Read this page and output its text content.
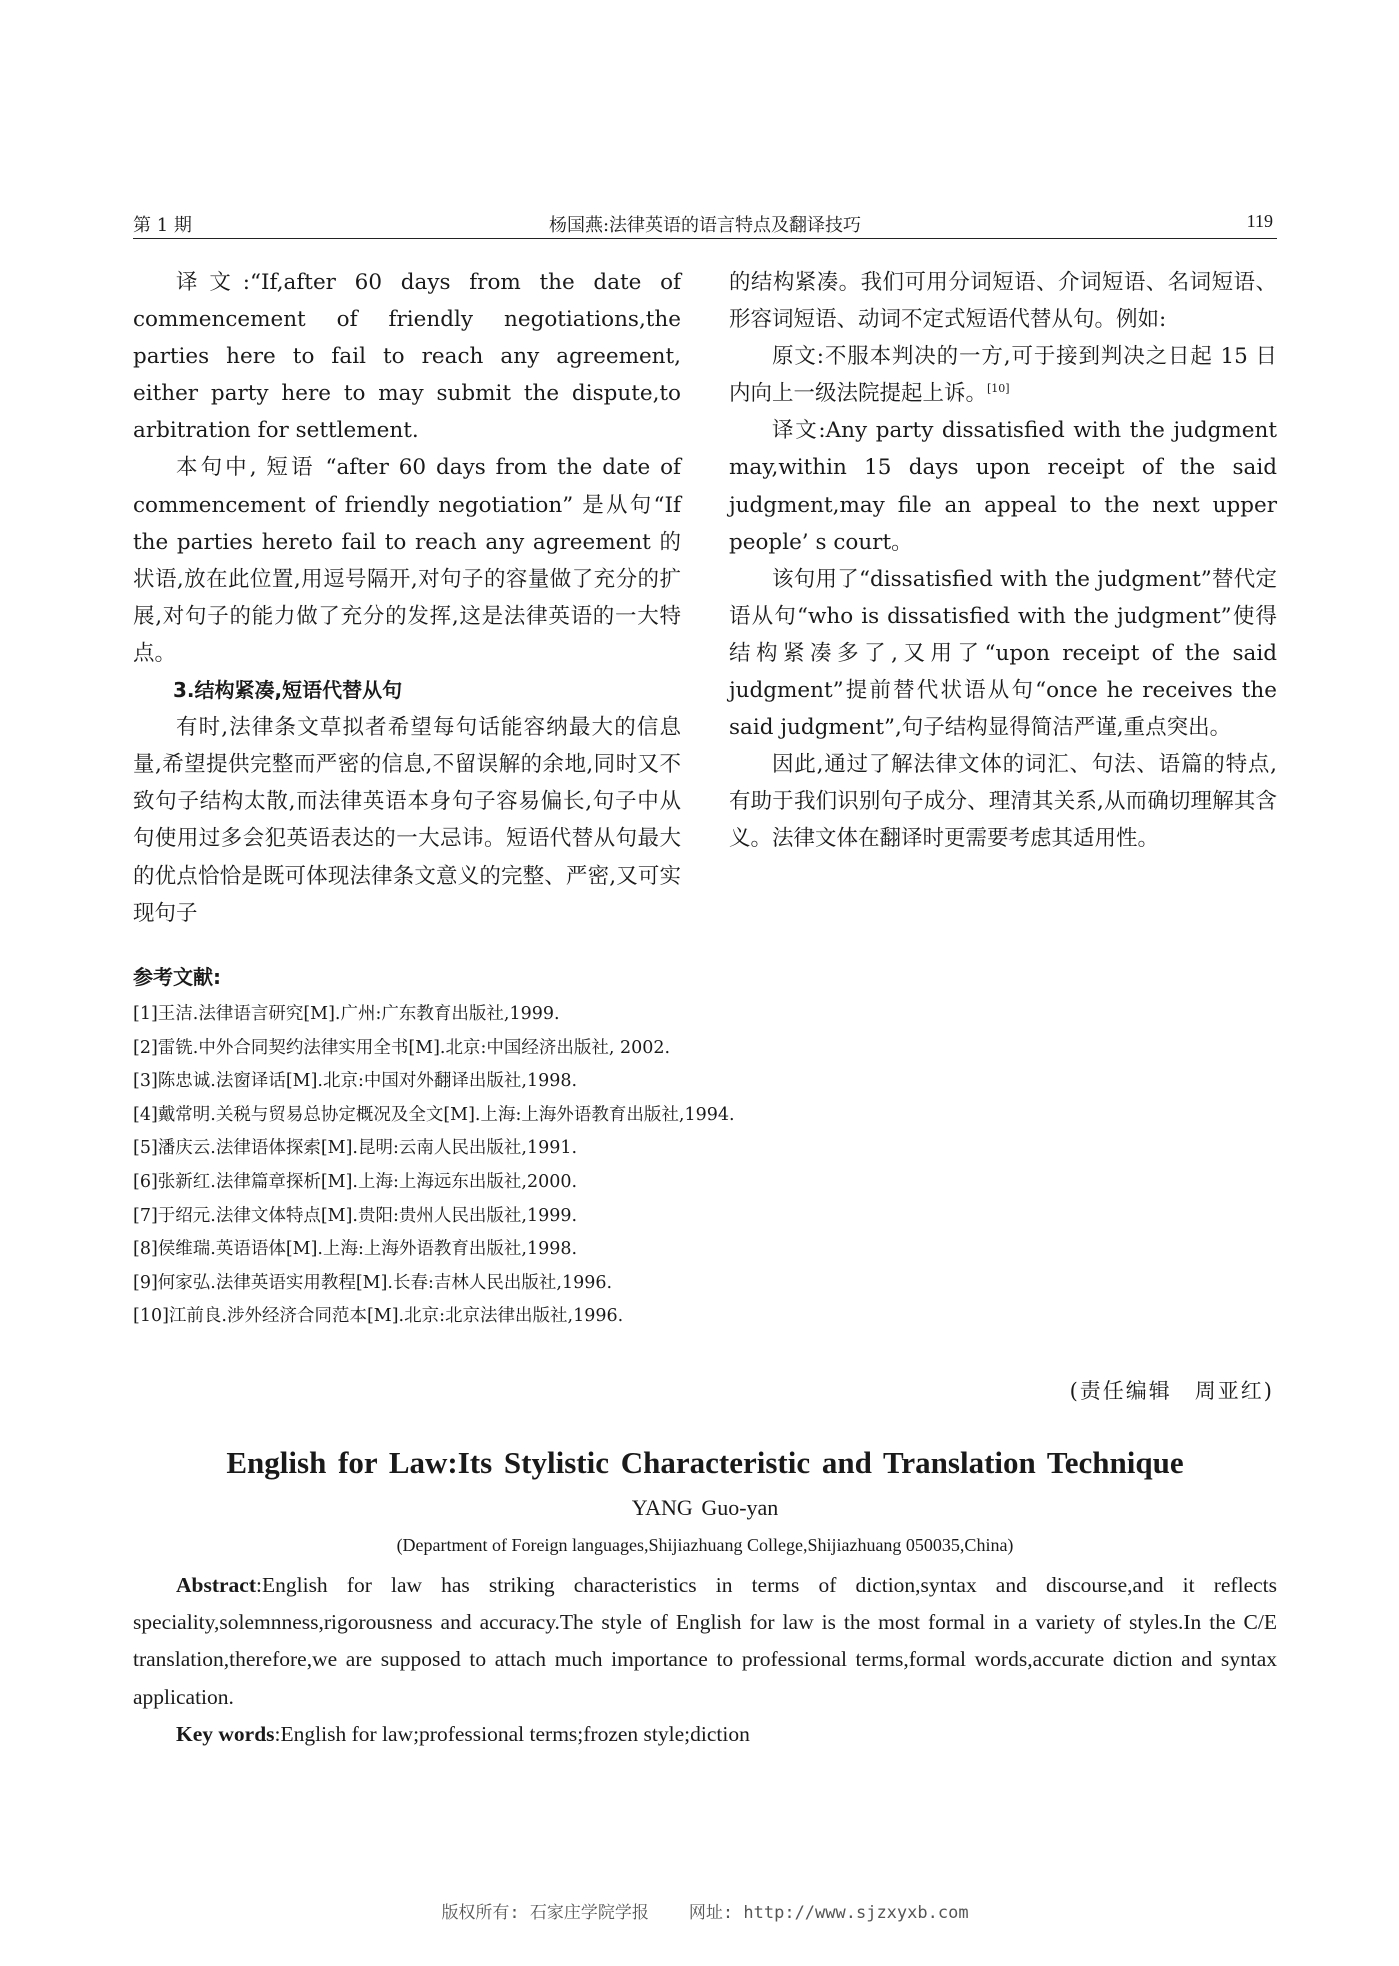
第 1 期	杨国燕:法律英语的语言特点及翻译技巧	119

译文:“If,after 60 days from the date of commencement of friendly negotiations,the parties here to fail to reach any agreement, either party here to may submit the dispute,to arbitration for settlement.

本句中, 短语 “after 60 days from the date of commencement of friendly negotiation” 是从句“If the parties hereto fail to reach any agreement 的状语,放在此位置,用逗号隔开,对句子的容量做了充分的扩展,对句子的能力做了充分的发挥,这是法律英语的一大特点。

3.结构紧凑,短语代替从句

有时,法律条文草拟者希望每句话能容纳最大的信息量,希望提供完整而严密的信息,不留误解的余地,同时又不致句子结构太散,而法律英语本身句子容易偏长,句子中从句使用过多会犯英语表达的一大忌讳。短语代替从句最大的优点恰恰是既可体现法律条文意义的完整、严密,又可实现句子

的结构紧凑。我们可用分词短语、介词短语、名词短语、形容词短语、动词不定式短语代替从句。例如:

原文:不服本判决的一方,可于接到判决之日起 15 日内向上一级法院提起上诉。[10]

译文:Any party dissatisfied with the judgment may,within 15 days upon receipt of the said judgment,may file an appeal to the next upper people’ s court。

该句用了“dissatisfied with the judgment”替代定语从句“who is dissatisfied with the judgment”使得结构紧凑多了,又用了“upon receipt of the said judgment”提前替代状语从句“once he receives the said judgment”,句子结构显得简洁严谨,重点突出。

因此,通过了解法律文体的词汇、句法、语篇的特点,有助于我们识别句子成分、理清其关系,从而确切理解其含义。法律文体在翻译时更需要考虑其适用性。

参考文献:
[1]王洁.法律语言研究[M].广州:广东教育出版社,1999.
[2]雷铣.中外合同契约法律实用全书[M].北京:中国经济出版社, 2002.
[3]陈忠诚.法窗译话[M].北京:中国对外翻译出版社,1998.
[4]戴常明.关税与贸易总协定概况及全文[M].上海:上海外语教育出版社,1994.
[5]潘庆云.法律语体探索[M].昆明:云南人民出版社,1991.
[6]张新红.法律篇章探析[M].上海:上海远东出版社,2000.
[7]于绍元.法律文体特点[M].贵阳:贵州人民出版社,1999.
[8]侯维瑞.英语语体[M].上海:上海外语教育出版社,1998.
[9]何家弘.法律英语实用教程[M].长春:吉林人民出版社,1996.
[10]江前良.涉外经济合同范本[M].北京:北京法律出版社,1996.
(责任编辑　周亚红)
English for Law:Its Stylistic Characteristic and Translation Technique
YANG Guo-yan
(Department of Foreign languages,Shijiazhuang College,Shijiazhuang 050035,China)
Abstract:English for law has striking characteristics in terms of diction,syntax and discourse,and it reflects speciality,solemnness,rigorousness and accuracy.The style of English for law is the most formal in a variety of styles.In the C/E translation,therefore,we are supposed to attach much importance to professional terms,formal words,accurate diction and syntax application.
Key words:English for law;professional terms;frozen style;diction
版权所有: 石家庄学院学报 网址: http://www.sjzxyxb.com
